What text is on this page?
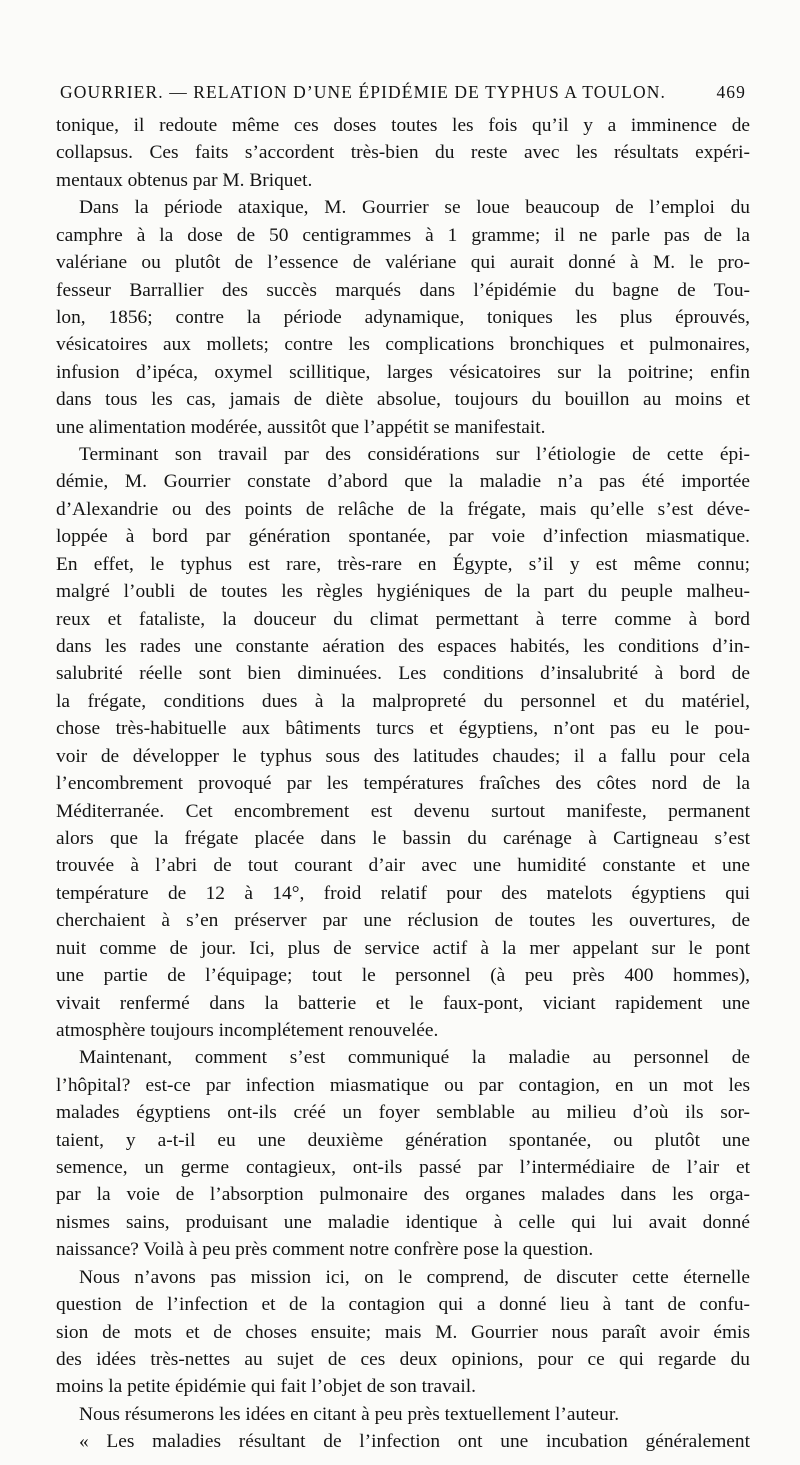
GOURRIER. — RELATION D’UNE ÉPIDÉMIE DE TYPHUS A TOULON.	469
tonique, il redoute même ces doses toutes les fois qu’il y a imminence de
collapsus. Ces faits s’accordent très-bien du reste avec les résultats expéri-
mentaux obtenus par M. Briquet.
Dans la période ataxique, M. Gourrier se loue beaucoup de l’emploi du
camphre à la dose de 50 centigrammes à 1 gramme; il ne parle pas de la
valériane ou plutôt de l’essence de valériane qui aurait donné à M. le pro-
fesseur Barrallier des succès marqués dans l’épidémie du bagne de Tou-
lon, 1856; contre la période adynamique, toniques les plus éprouvés,
vésicatoires aux mollets; contre les complications bronchiques et pulmonaires,
infusion d’ipéca, oxymel scillitique, larges vésicatoires sur la poitrine; enfin
dans tous les cas, jamais de diète absolue, toujours du bouillon au moins et
une alimentation modérée, aussitôt que l’appétit se manifestait.
Terminant son travail par des considérations sur l’étiologie de cette épi-
démie, M. Gourrier constate d’abord que la maladie n’a pas été importée
d’Alexandrie ou des points de relâche de la frégate, mais qu’elle s’est déve-
loppée à bord par génération spontanée, par voie d’infection miasmatique.
En effet, le typhus est rare, très-rare en Égypte, s’il y est même connu;
malgré l’oubli de toutes les règles hygiéniques de la part du peuple malheu-
reux et fataliste, la douceur du climat permettant à terre comme à bord
dans les rades une constante aération des espaces habités, les conditions d’in-
salubrité réelle sont bien diminuées. Les conditions d’insalubrité à bord de
la frégate, conditions dues à la malpropreté du personnel et du matériel,
chose très-habituelle aux bâtiments turcs et égyptiens, n’ont pas eu le pou-
voir de développer le typhus sous des latitudes chaudes; il a fallu pour cela
l’encombrement provoqué par les températures fraîches des côtes nord de la
Méditerranée. Cet encombrement est devenu surtout manifeste, permanent
alors que la frégate placée dans le bassin du carénage à Cartigneau s’est
trouvée à l’abri de tout courant d’air avec une humidité constante et une
température de 12 à 14°, froid relatif pour des matelots égyptiens qui
cherchaient à s’en préserver par une réclusion de toutes les ouvertures, de
nuit comme de jour. Ici, plus de service actif à la mer appelant sur le pont
une partie de l’équipage; tout le personnel (à peu près 400 hommes),
vivait renfermé dans la batterie et le faux-pont, viciant rapidement une
atmosphère toujours incomplétement renouvelée.
Maintenant, comment s’est communiqué la maladie au personnel de
l’hôpital? est-ce par infection miasmatique ou par contagion, en un mot les
malades égyptiens ont-ils créé un foyer semblable au milieu d’où ils sor-
taient, y a-t-il eu une deuxième génération spontanée, ou plutôt une
semence, un germe contagieux, ont-ils passé par l’intermédiaire de l’air et
par la voie de l’absorption pulmonaire des organes malades dans les orga-
nismes sains, produisant une maladie identique à celle qui lui avait donné
naissance? Voilà à peu près comment notre confrère pose la question.
Nous n’avons pas mission ici, on le comprend, de discuter cette éternelle
question de l’infection et de la contagion qui a donné lieu à tant de confu-
sion de mots et de choses ensuite; mais M. Gourrier nous paraît avoir émis
des idées très-nettes au sujet de ces deux opinions, pour ce qui regarde du
moins la petite épidémie qui fait l’objet de son travail.
Nous résumerons les idées en citant à peu près textuellement l’auteur.
« Les maladies résultant de l’infection ont une incubation généralement
